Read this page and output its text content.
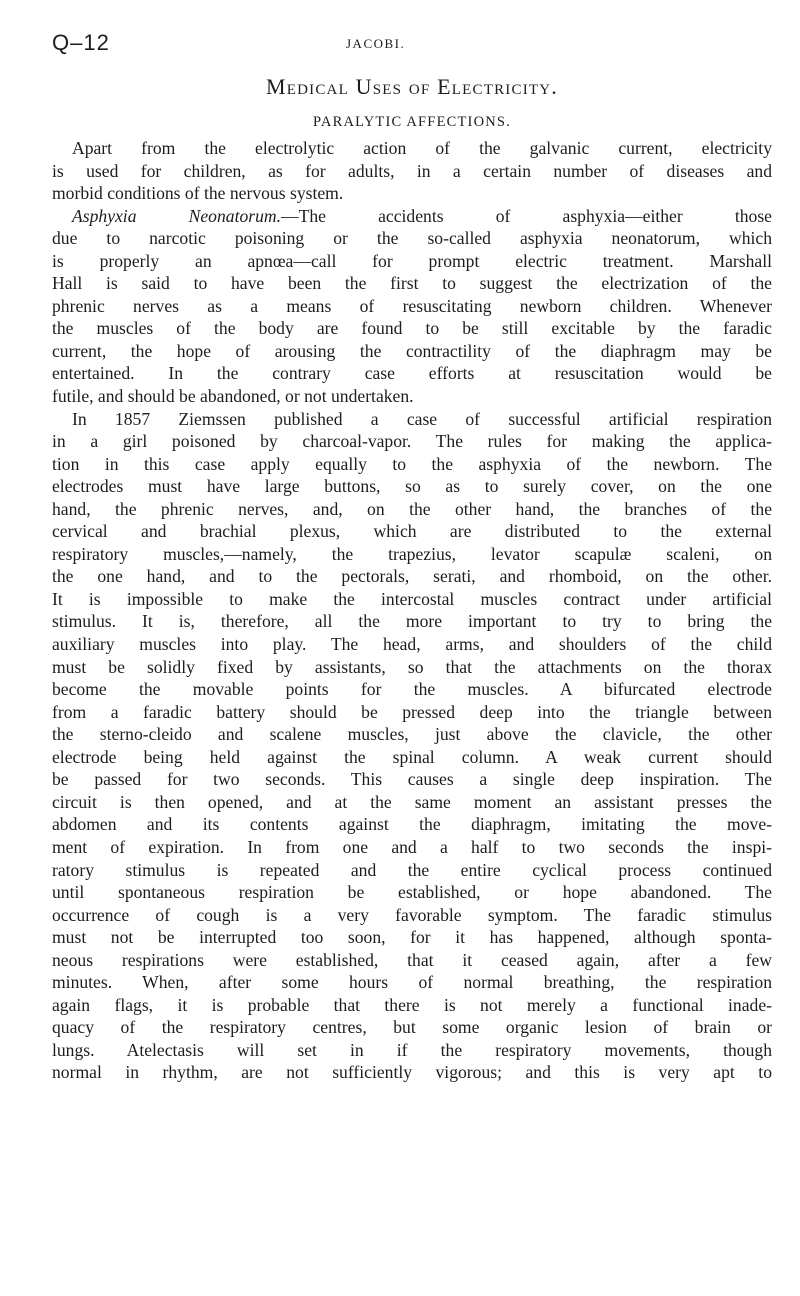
Q–12	JACOBI.
Medical Uses of Electricity.
PARALYTIC AFFECTIONS.

Apart from the electrolytic action of the galvanic current, electricity
is used for children, as for adults, in a certain number of diseases and
morbid conditions of the nervous system.

Asphyxia Neonatorum.—The accidents of asphyxia—either those
due to narcotic poisoning or the so-called asphyxia neonatorum, which
is properly an apnœa—call for prompt electric treatment. Marshall
Hall is said to have been the first to suggest the electrization of the
phrenic nerves as a means of resuscitating newborn children. Whenever
the muscles of the body are found to be still excitable by the faradic
current, the hope of arousing the contractility of the diaphragm may be
entertained. In the contrary case efforts at resuscitation would be
futile, and should be abandoned, or not undertaken.

In 1857 Ziemssen published a case of successful artificial respiration
in a girl poisoned by charcoal-vapor. The rules for making the applica-
tion in this case apply equally to the asphyxia of the newborn. The
electrodes must have large buttons, so as to surely cover, on the one
hand, the phrenic nerves, and, on the other hand, the branches of the
cervical and brachial plexus, which are distributed to the external
respiratory muscles,—namely, the trapezius, levator scapulæ scaleni, on
the one hand, and to the pectorals, serati, and rhomboid, on the other.
It is impossible to make the intercostal muscles contract under artificial
stimulus. It is, therefore, all the more important to try to bring the
auxiliary muscles into play. The head, arms, and shoulders of the child
must be solidly fixed by assistants, so that the attachments on the thorax
become the movable points for the muscles. A bifurcated electrode
from a faradic battery should be pressed deep into the triangle between
the sterno-cleido and scalene muscles, just above the clavicle, the other
electrode being held against the spinal column. A weak current should
be passed for two seconds. This causes a single deep inspiration. The
circuit is then opened, and at the same moment an assistant presses the
abdomen and its contents against the diaphragm, imitating the move-
ment of expiration. In from one and a half to two seconds the inspi-
ratory stimulus is repeated and the entire cyclical process continued
until spontaneous respiration be established, or hope abandoned. The
occurrence of cough is a very favorable symptom. The faradic stimulus
must not be interrupted too soon, for it has happened, although sponta-
neous respirations were established, that it ceased again, after a few
minutes. When, after some hours of normal breathing, the respiration
again flags, it is probable that there is not merely a functional inade-
quacy of the respiratory centres, but some organic lesion of brain or
lungs. Atelectasis will set in if the respiratory movements, though
normal in rhythm, are not sufficiently vigorous; and this is very apt to
